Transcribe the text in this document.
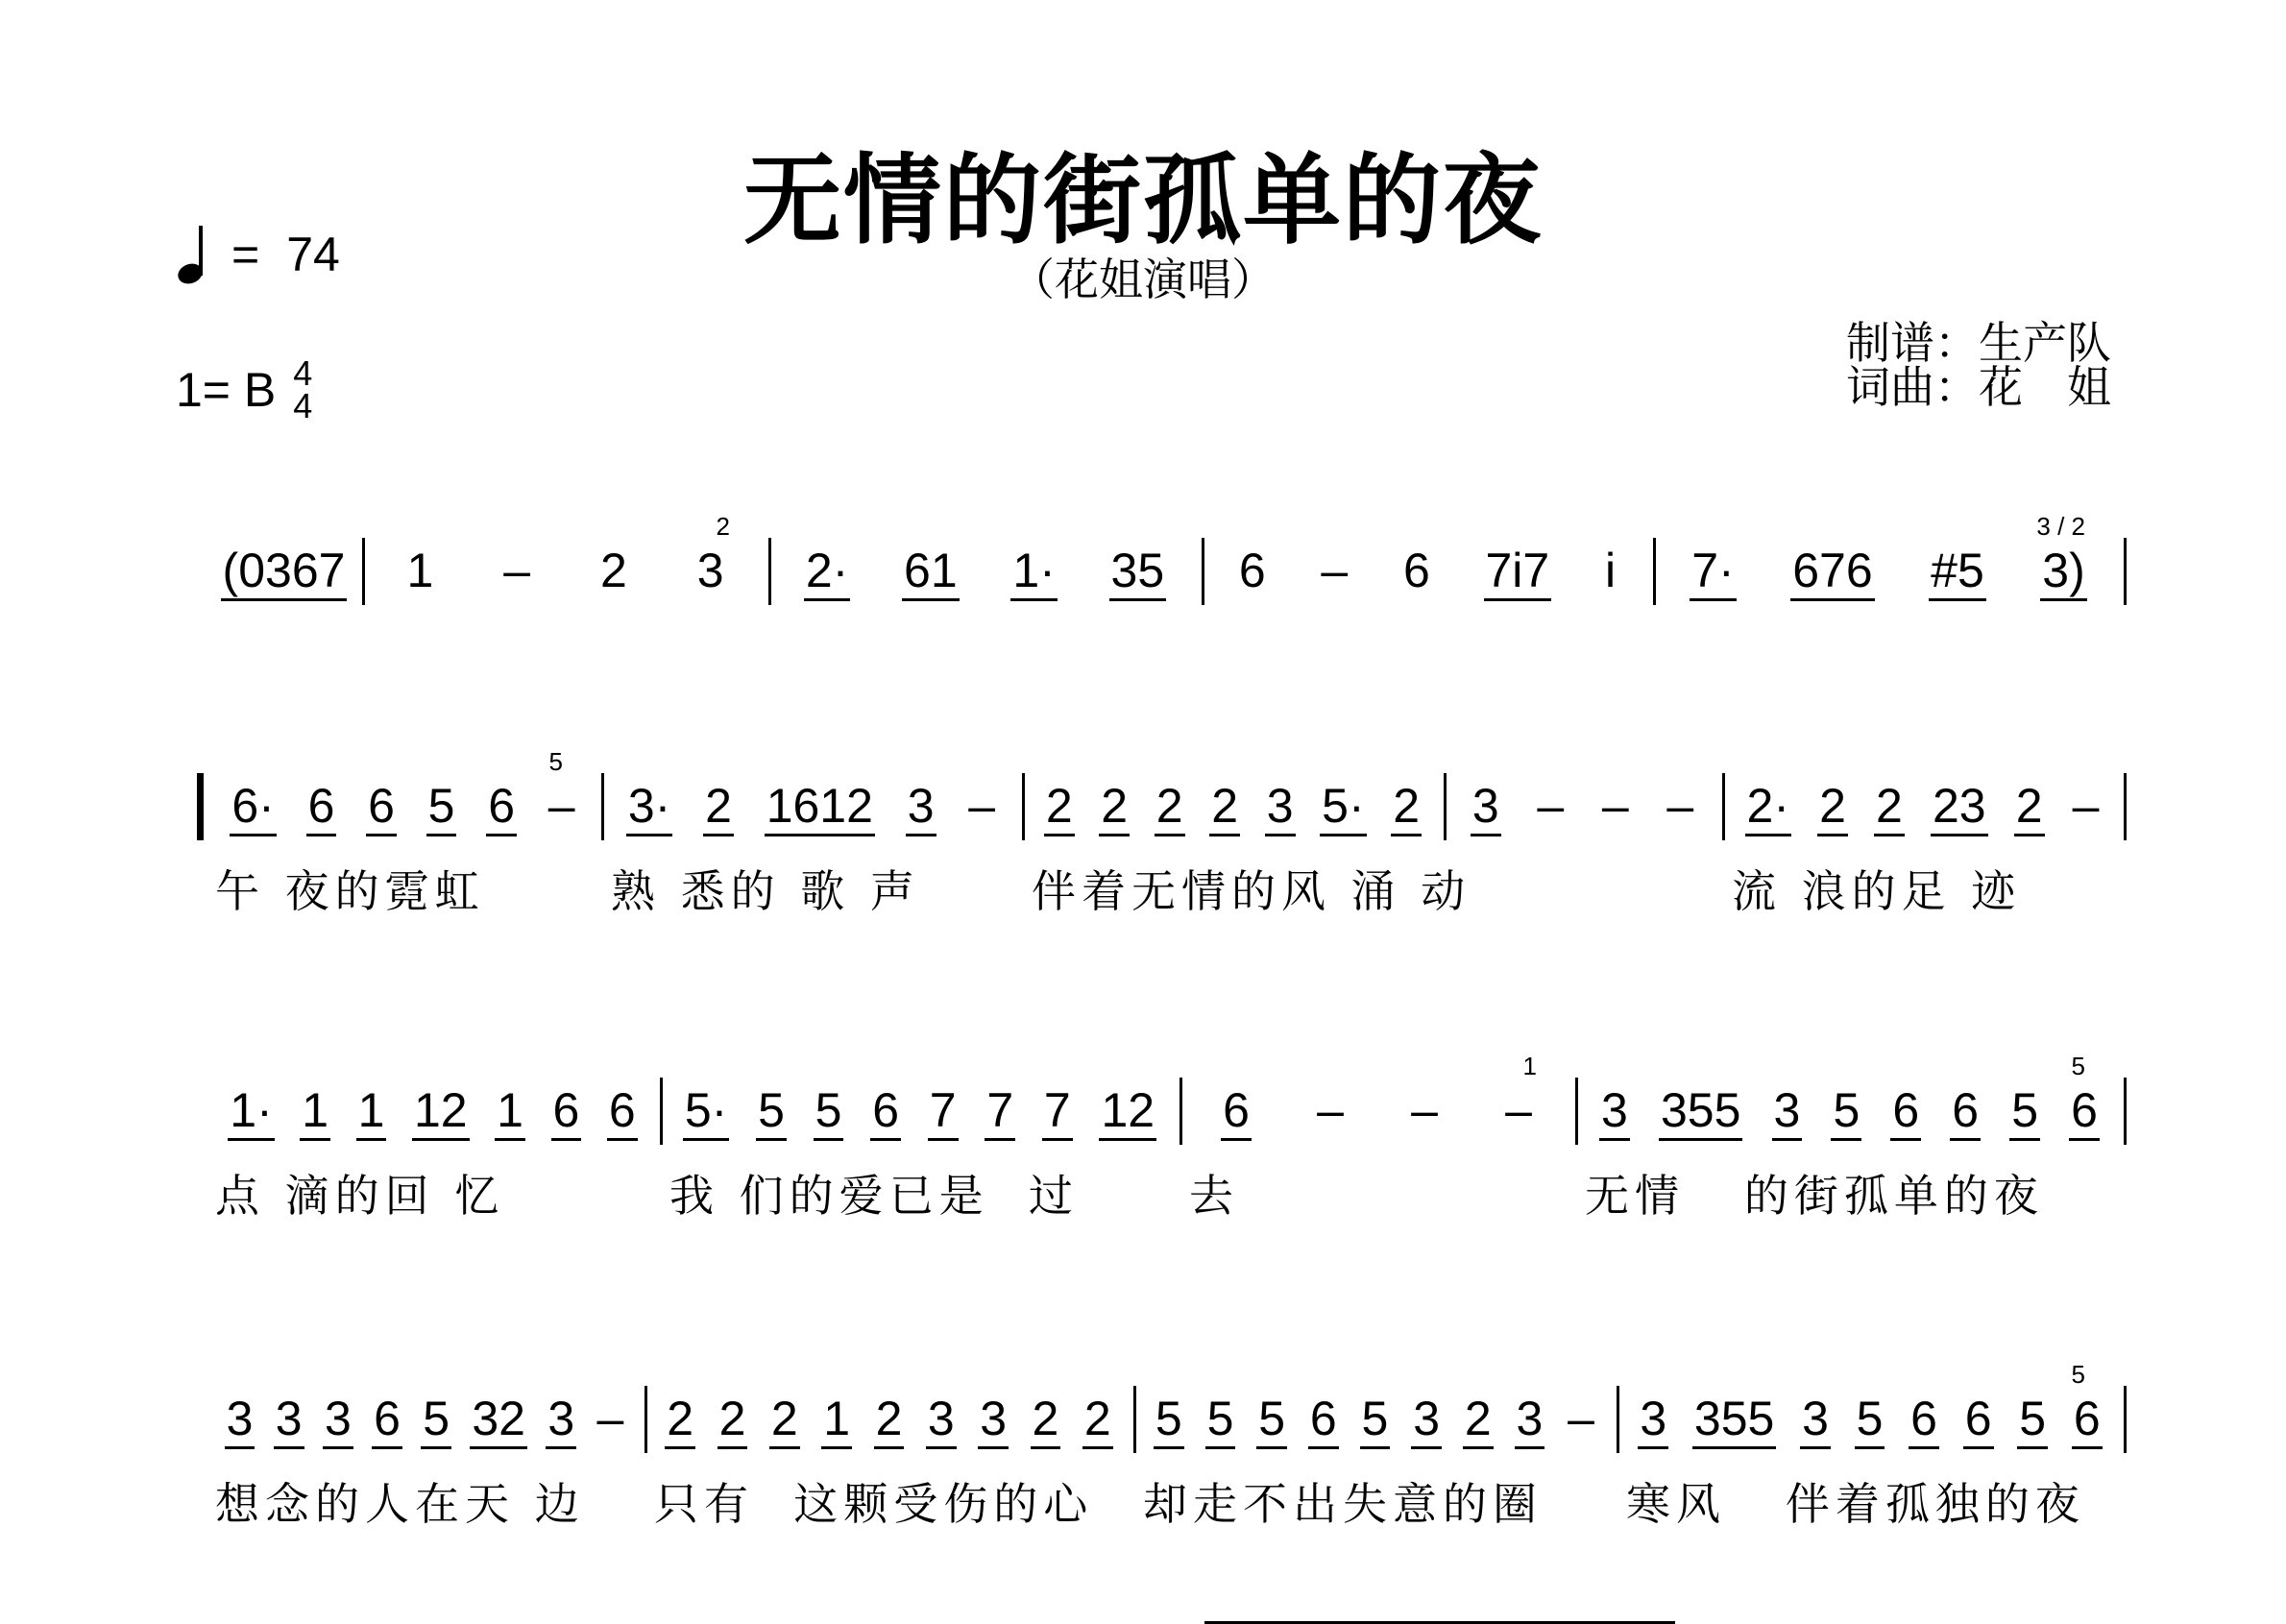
无情的街孤单的夜
（花姐演唱）
= 74
1= B 4
4
制谱：生产队
词曲：花　姐
(0367 1 – 2 3
2
2· 61 1· 35 6 – 6 7i7 i 7· 676 #5 3)
3 / 2
6· 6 6 5 6 –
5
午 夜的霓虹
3· 2 1612 3 –
熟 悉的 歌 声
2 2 2 2 3 5· 2
伴着无情的风 涌 动
3 – – – 2· 2 2 23 2 –
流 浪的足 迹
1· 1 1 12 1 6 6
点 滴的回 忆
5· 5 5 6 7 7 7 12
我 们的爱已是  过
6 – – –
1
去
3 355 3 5 6 6 5 6
5
无情   的街孤单的夜
3 3 3 6 5 32 3 –
想念的人在天 边
2 2 2 1 2 3 3 2 2
只有  这颗受伤的心
5 5 5 6 5 3 2 3 –
却走不出失意的圈
3 355 3 5 6 6 5 6
5
寒风   伴着孤独的夜
